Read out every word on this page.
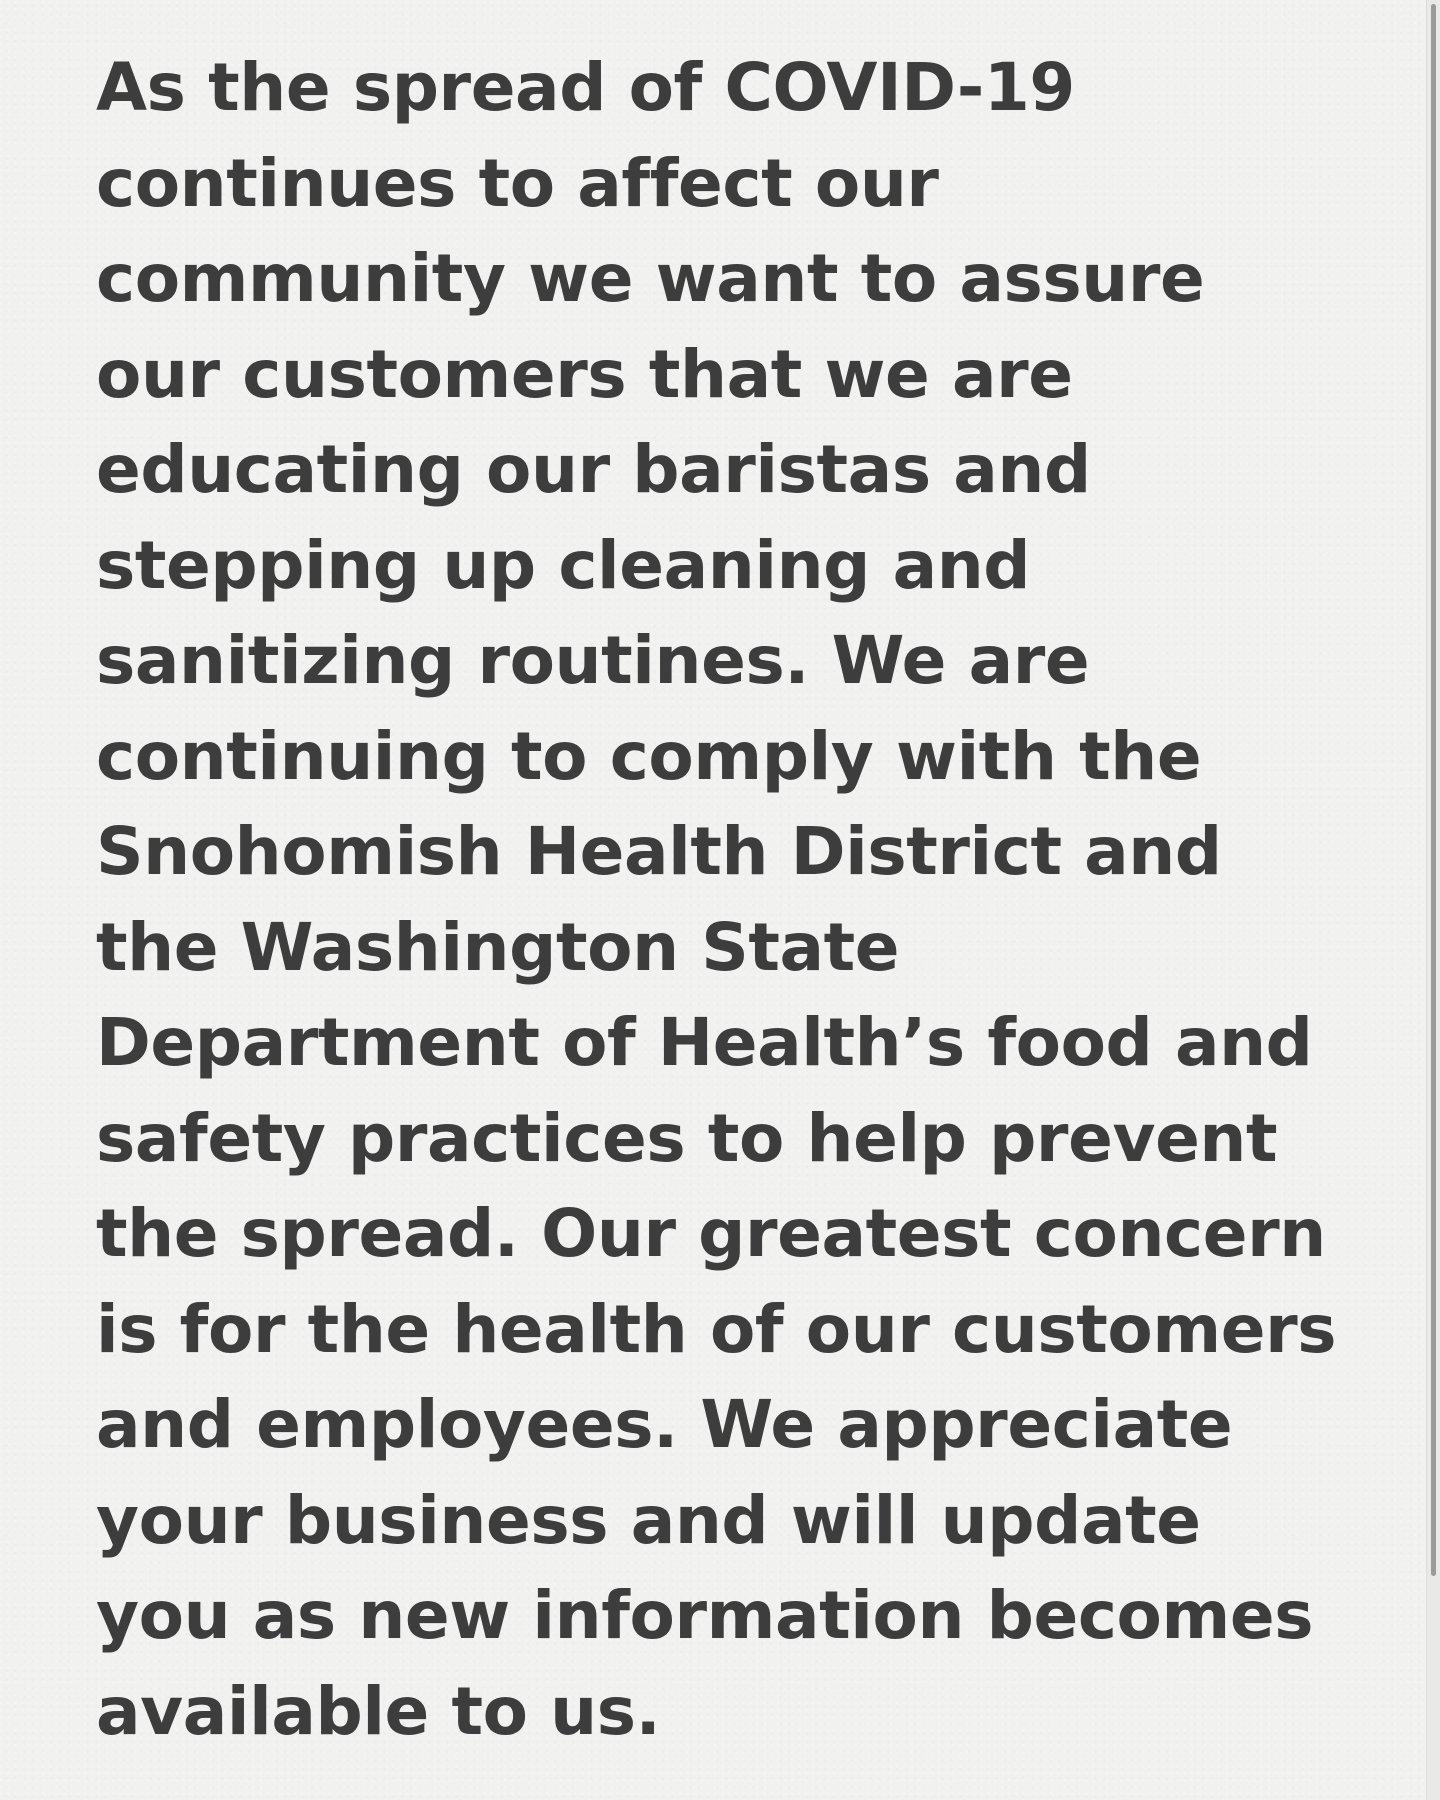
As the spread of COVID-19
continues to affect our
community we want to assure
our customers that we are
educating our baristas and
stepping up cleaning and
sanitizing routines. We are
continuing to comply with the
Snohomish Health District and
the Washington State
Department of Health’s food and
safety practices to help prevent
the spread. Our greatest concern
is for the health of our customers
and employees. We appreciate
your business and will update
you as new information becomes
available to us.
